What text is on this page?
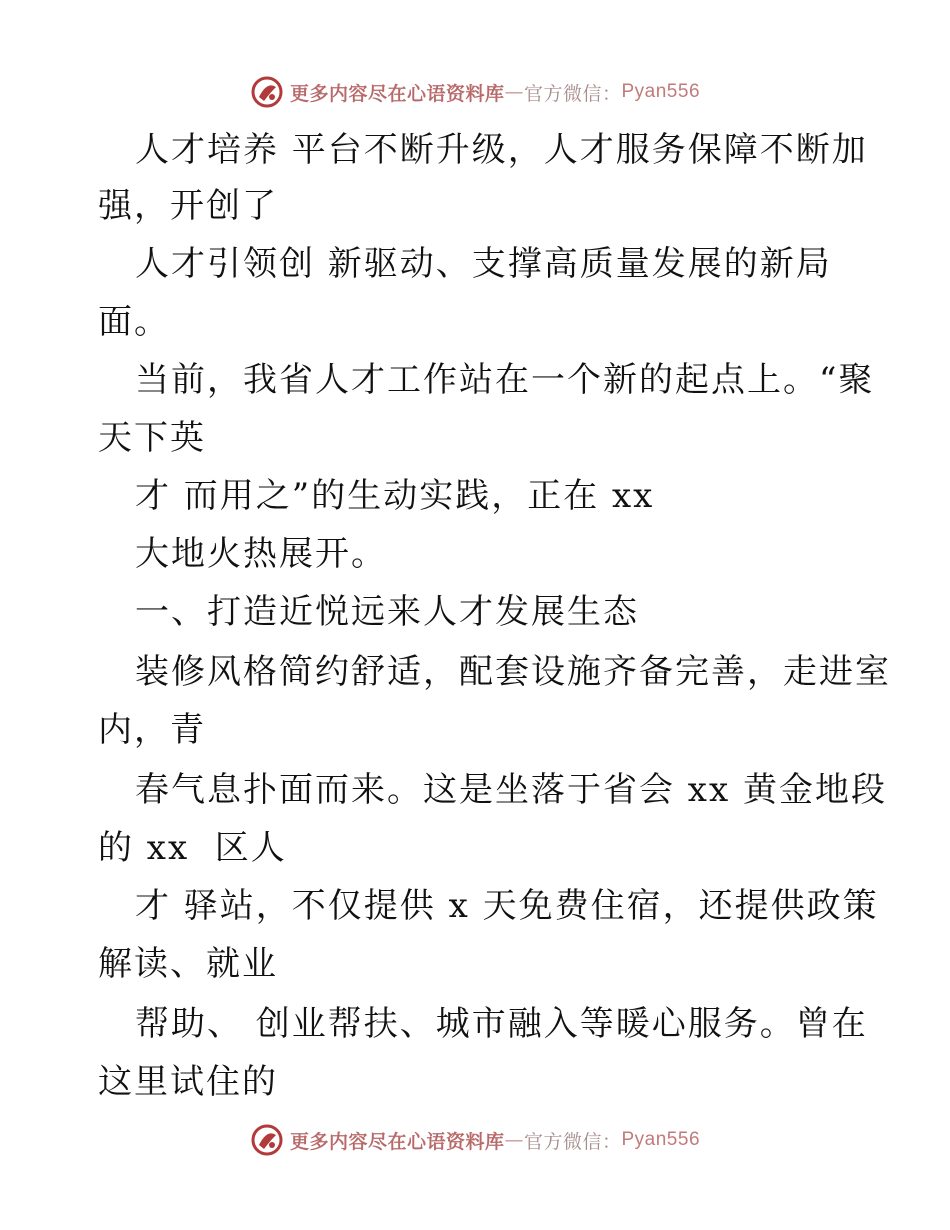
更多内容尽在心语资料库 — 官方微信： Pyan556
人才培养 平台不断升级，人才服务保障不断加
强，开创了
人才引领创 新驱动、支撑高质量发展的新局
面。
当前，我省人才工作站在一个新的起点上。“聚
天下英
才 而用之”的生动实践，正在 xx
大地火热展开。
一、打造近悦远来人才发展生态
装修风格简约舒适，配套设施齐备完善，走进室
内，青
春气息扑面而来。这是坐落于省会 xx 黄金地段
的 xx  区人
才 驿站，不仅提供 x 天免费住宿，还提供政策
解读、就业
帮助、 创业帮扶、城市融入等暖心服务。曾在
这里试住的
更多内容尽在心语资料库 — 官方微信： Pyan556
